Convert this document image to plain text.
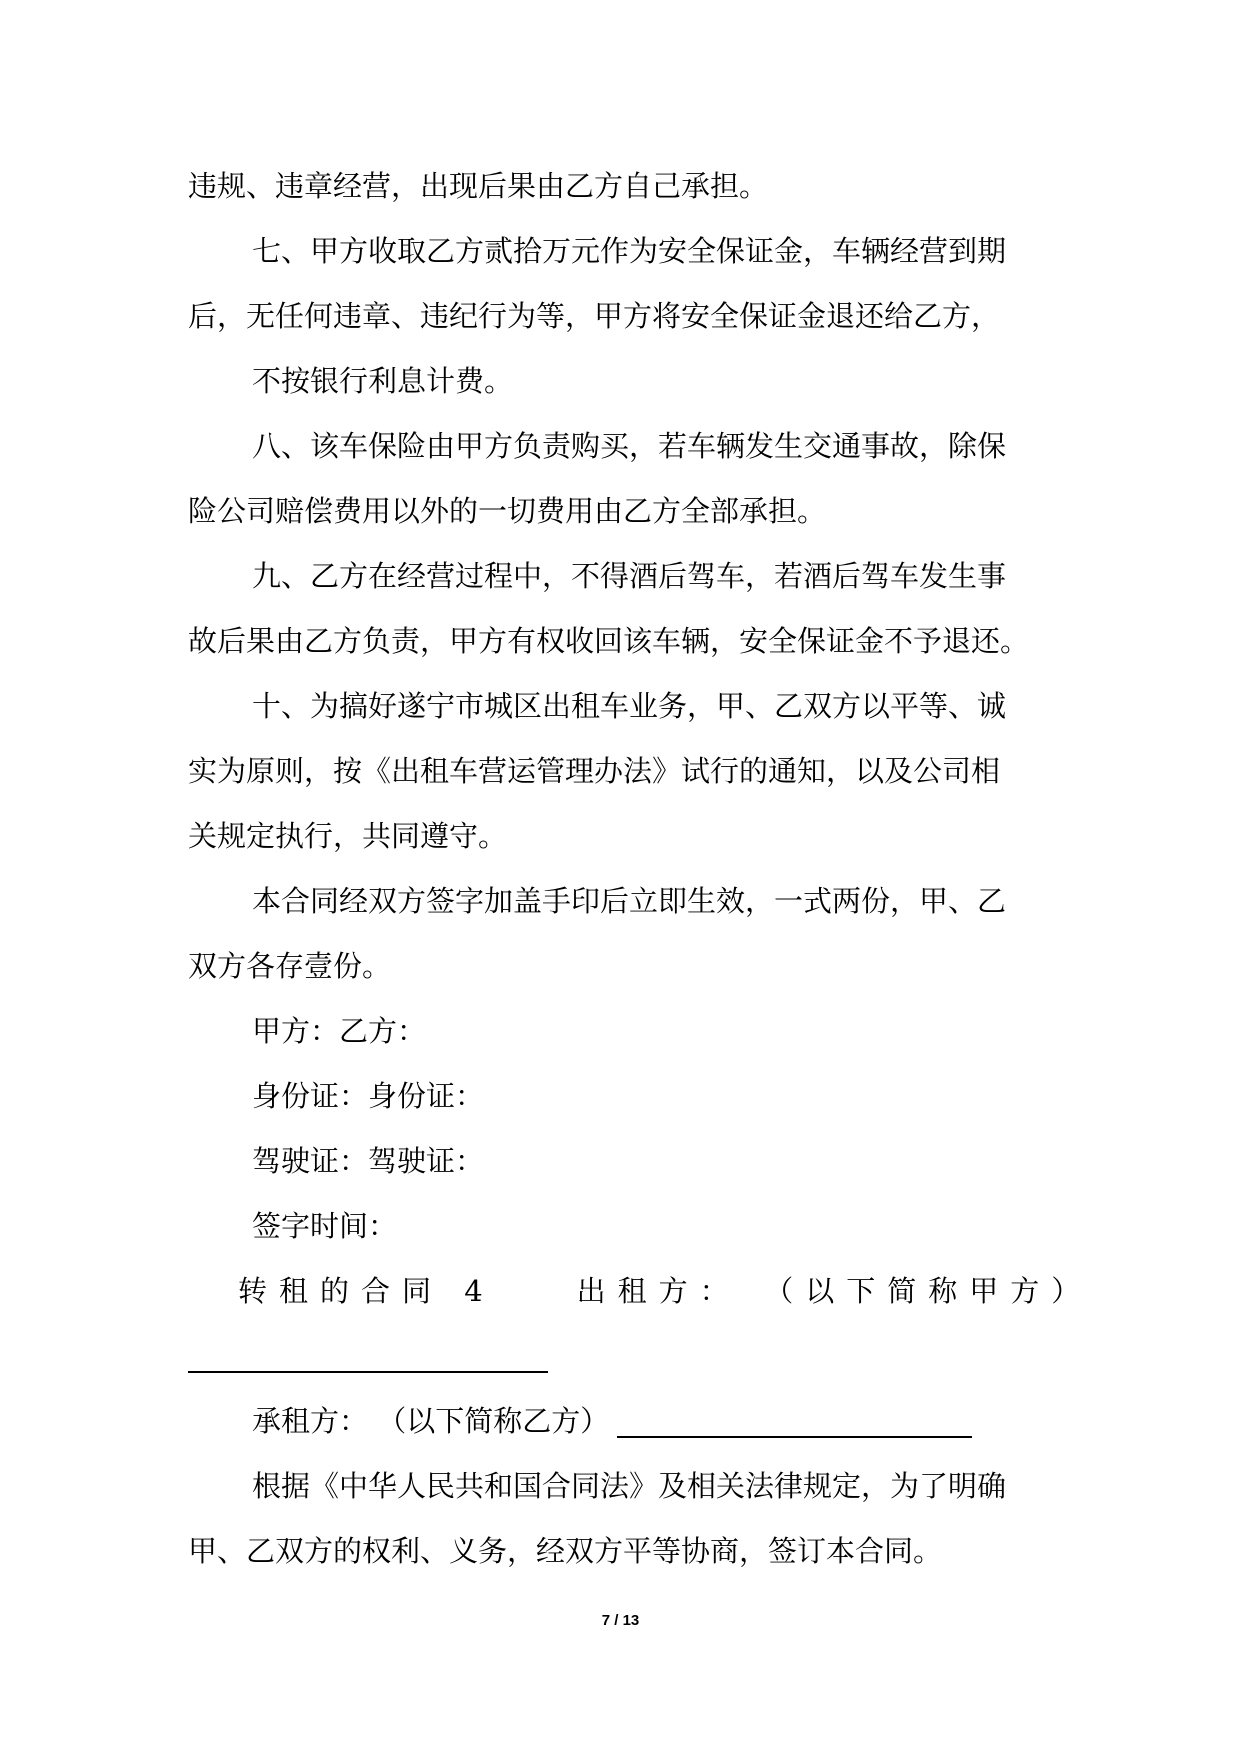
违规、违章经营，出现后果由乙方自己承担。

七、甲方收取乙方贰拾万元作为安全保证金，车辆经营到期

后，无任何违章、违纪行为等，甲方将安全保证金退还给乙方，

不按银行利息计费。

八、该车保险由甲方负责购买，若车辆发生交通事故，除保

险公司赔偿费用以外的一切费用由乙方全部承担。

九、乙方在经营过程中，不得酒后驾车，若酒后驾车发生事

故后果由乙方负责，甲方有权收回该车辆，安全保证金不予退还。

十、为搞好遂宁市城区出租车业务，甲、乙双方以平等、诚

实为原则，按《出租车营运管理办法》试行的通知，以及公司相

关规定执行，共同遵守。

本合同经双方签字加盖手印后立即生效，一式两份，甲、乙

双方各存壹份。

甲方：乙方：

身份证：身份证：

驾驶证：驾驶证：

签字时间：

转租的合同 4	出租方： （以下简称甲方）

承租方： （以下简称乙方）

根据《中华人民共和国合同法》及相关法律规定，为了明确

甲、乙双方的权利、义务，经双方平等协商，签订本合同。

7 / 13
